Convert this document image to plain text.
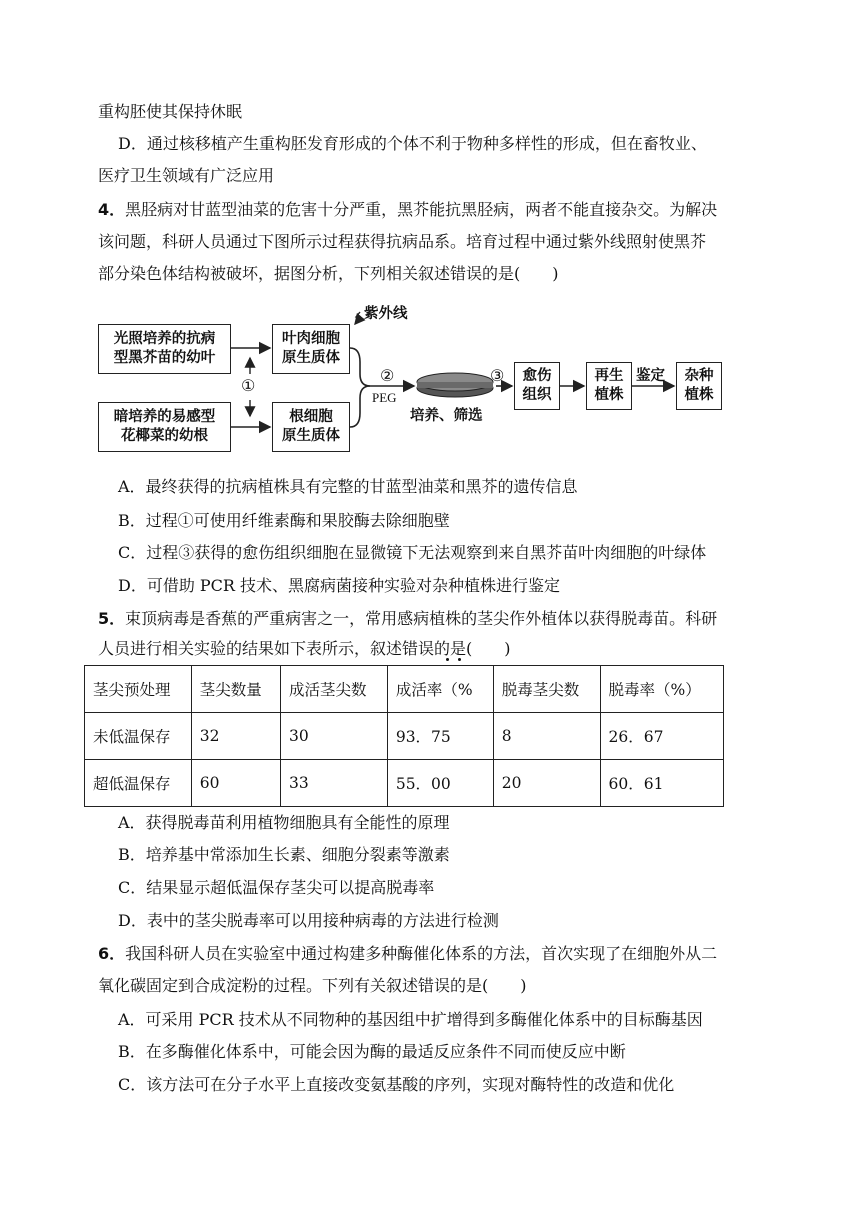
重构胚使其保持休眠
D．通过核移植产生重构胚发育形成的个体不利于物种多样性的形成，但在畜牧业、
医疗卫生领域有广泛应用
4．黑胫病对甘蓝型油菜的危害十分严重，黑芥能抗黑胫病，两者不能直接杂交。为解决
该问题，科研人员通过下图所示过程获得抗病品系。培育过程中通过紫外线照射使黑芥
部分染色体结构被破坏，据图分析，下列相关叙述错误的是(　　)
光照培养的抗病
型黑芥苗的幼叶
暗培养的易感型
花椰菜的幼根
叶肉细胞
原生质体
根细胞
原生质体
紫外线
①
②
PEG
③
培养、筛选
愈伤
组织
再生
植株
鉴定 杂种
植株
A．最终获得的抗病植株具有完整的甘蓝型油菜和黑芥的遗传信息
B．过程①可使用纤维素酶和果胶酶去除细胞壁
C．过程③获得的愈伤组织细胞在显微镜下无法观察到来自黑芥苗叶肉细胞的叶绿体
D．可借助 PCR 技术、黑腐病菌接种实验对杂种植株进行鉴定
5．束顶病毒是香蕉的严重病害之一，常用感病植株的茎尖作外植体以获得脱毒苗。科研
人员进行相关实验的结果如下表所示，叙述错误的是(　　)
茎尖预处理	茎尖数量	成活茎尖数	成活率（%	脱毒茎尖数	脱毒率（%）
未低温保存	32	30	93．75	8	26．67
超低温保存	60	33	55．00	20	60．61
A．获得脱毒苗利用植物细胞具有全能性的原理
B．培养基中常添加生长素、细胞分裂素等激素
C．结果显示超低温保存茎尖可以提高脱毒率
D．表中的茎尖脱毒率可以用接种病毒的方法进行检测
6．我国科研人员在实验室中通过构建多种酶催化体系的方法，首次实现了在细胞外从二
氧化碳固定到合成淀粉的过程。下列有关叙述错误的是(　　)
A．可采用 PCR 技术从不同物种的基因组中扩增得到多酶催化体系中的目标酶基因
B．在多酶催化体系中，可能会因为酶的最适反应条件不同而使反应中断
C．该方法可在分子水平上直接改变氨基酸的序列，实现对酶特性的改造和优化
